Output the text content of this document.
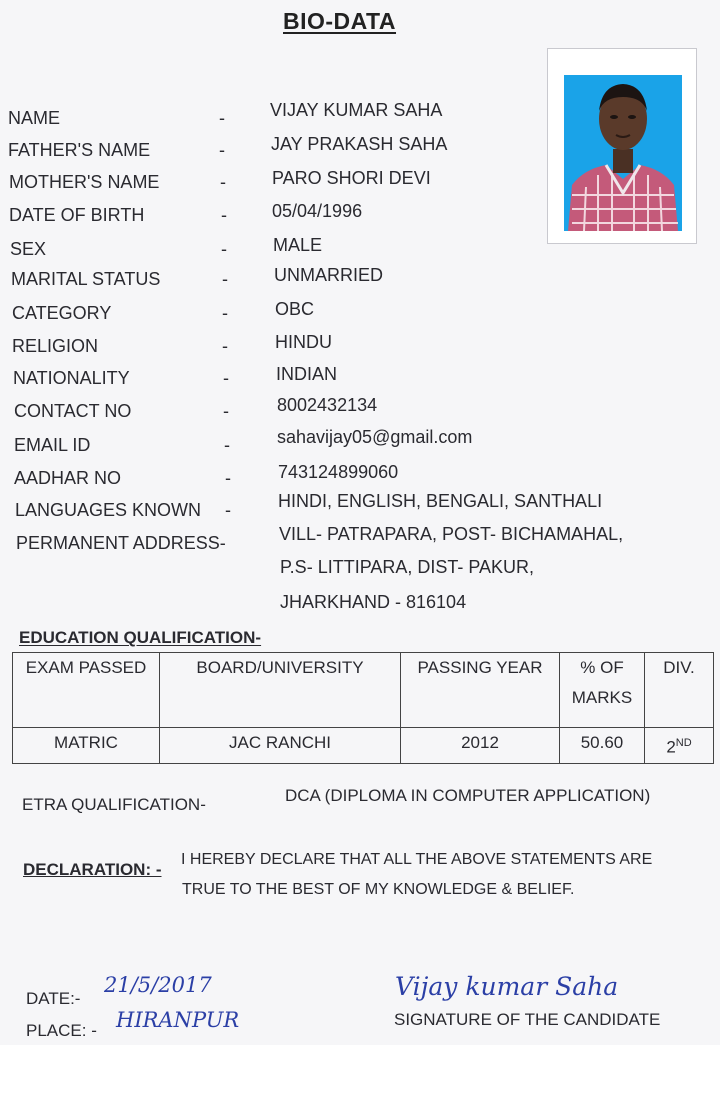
BIO-DATA
NAME	-	VIJAY KUMAR SAHA
FATHER'S NAME	-	JAY PRAKASH SAHA
MOTHER'S NAME	-	PARO SHORI DEVI
DATE OF BIRTH	-	05/04/1996
SEX	-	MALE
MARITAL STATUS	-	UNMARRIED
CATEGORY	-	OBC
RELIGION	-	HINDU
NATIONALITY	-	INDIAN
CONTACT NO	-	8002432134
EMAIL ID	-	sahavijay05@gmail.com
AADHAR NO	-	743124899060
LANGUAGES KNOWN -	HINDI, ENGLISH, BENGALI, SANTHALI
PERMANENT ADDRESS-	VILL- PATRAPARA, POST- BICHAMAHAL,
P.S- LITTIPARA, DIST- PAKUR,
JHARKHAND - 816104
EDUCATION QUALIFICATION-
EXAM PASSED	BOARD/UNIVERSITY	PASSING YEAR	% OF MARKS	DIV.
MATRIC	JAC RANCHI	2012	50.60	2ND
ETRA QUALIFICATION-	DCA (DIPLOMA IN COMPUTER APPLICATION)
DECLARATION: -
I HEREBY DECLARE THAT ALL THE ABOVE STATEMENTS ARE
TRUE TO THE BEST OF MY KNOWLEDGE & BELIEF.
DATE:-
21/5/2017
PLACE: - HIRANPUR
Vijay kumar Saha
SIGNATURE OF THE CANDIDATE
